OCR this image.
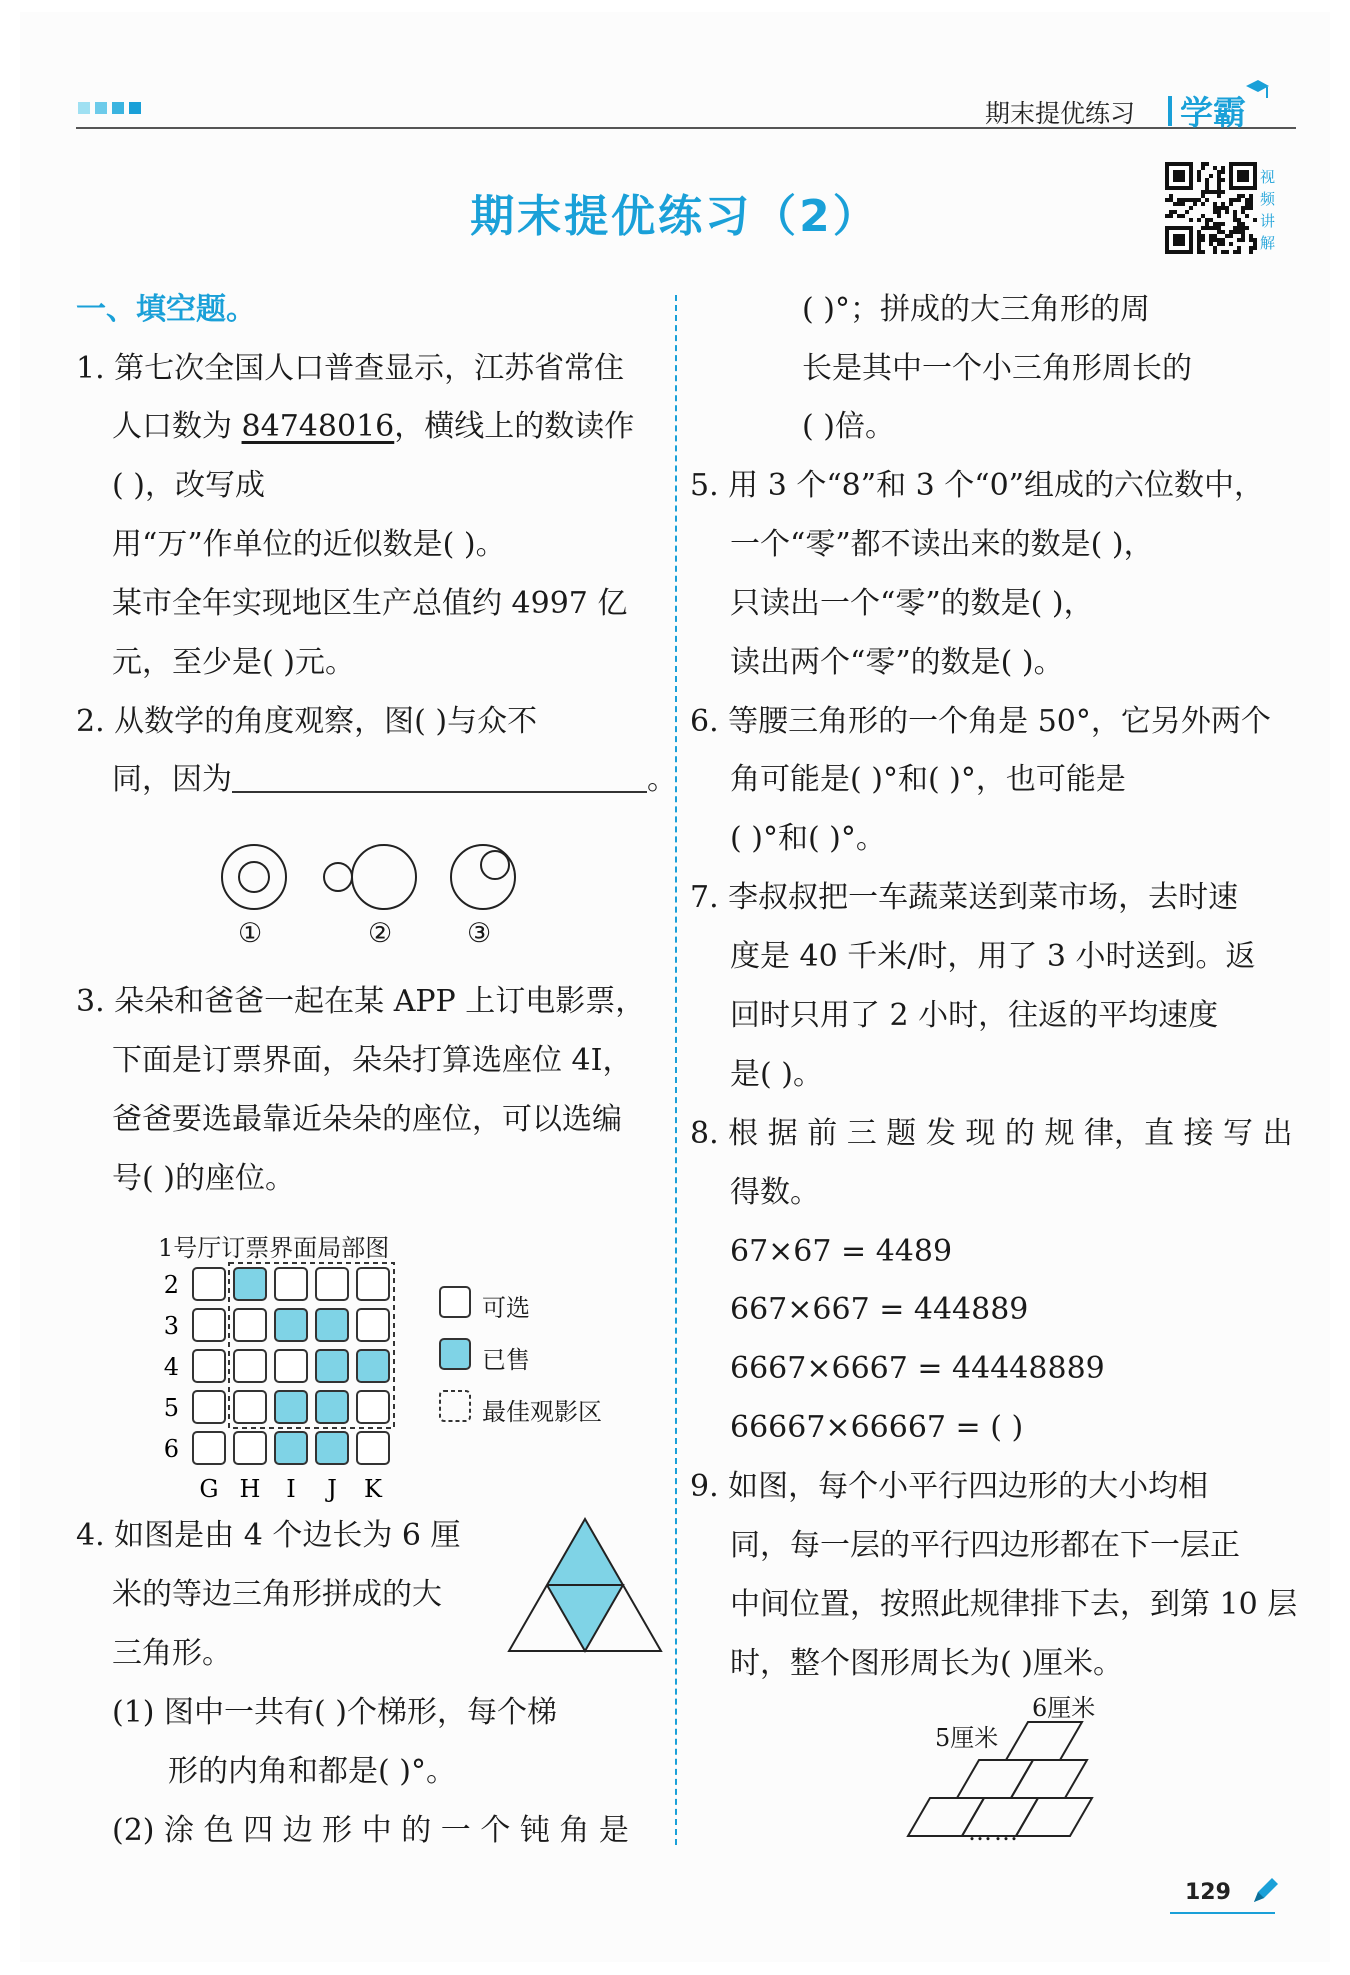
期末提优练习 学霸
期末提优练习（2）
视频讲解
一、填空题。
1. 第七次全国人口普查显示，江苏省常住
人口数为 84748016，横线上的数读作
( )，改写成
用“万”作单位的近似数是( )。
某市全年实现地区生产总值约 4997 亿
元，至少是( )元。
2. 从数学的角度观察，图( )与众不
同，因为	。
①	②	③
3. 朵朵和爸爸一起在某 APP 上订电影票，
下面是订票界面，朵朵打算选座位 4I，
爸爸要选最靠近朵朵的座位，可以选编
号( )的座位。
1号厅订票界面局部图
2
3
4
5
6
G H I J K
可选
已售
最佳观影区
4. 如图是由 4 个边长为 6 厘
米的等边三角形拼成的大
三角形。
(1) 图中一共有( )个梯形，每个梯
形的内角和都是( )°。
(2) 涂 色 四 边 形 中 的 一 个 钝 角 是
( )°；拼成的大三角形的周
长是其中一个小三角形周长的
( )倍。
5. 用 3 个“8”和 3 个“0”组成的六位数中，
一个“零”都不读出来的数是( )，
只读出一个“零”的数是( )，
读出两个“零”的数是( )。
6. 等腰三角形的一个角是 50°，它另外两个
角可能是( )°和( )°，也可能是
( )°和( )°。
7. 李叔叔把一车蔬菜送到菜市场，去时速
度是 40 千米/时，用了 3 小时送到。返
回时只用了 2 小时，往返的平均速度
是( )。
8. 根 据 前 三 题 发 现 的 规 律，直 接 写 出
得数。
67×67 = 4489
667×667 = 444889
6667×6667 = 44448889
66667×66667 = ( )
9. 如图，每个小平行四边形的大小均相
同，每一层的平行四边形都在下一层正
中间位置，按照此规律排下去，到第 10 层
时，整个图形周长为( )厘米。
6厘米
5厘米
……
129
